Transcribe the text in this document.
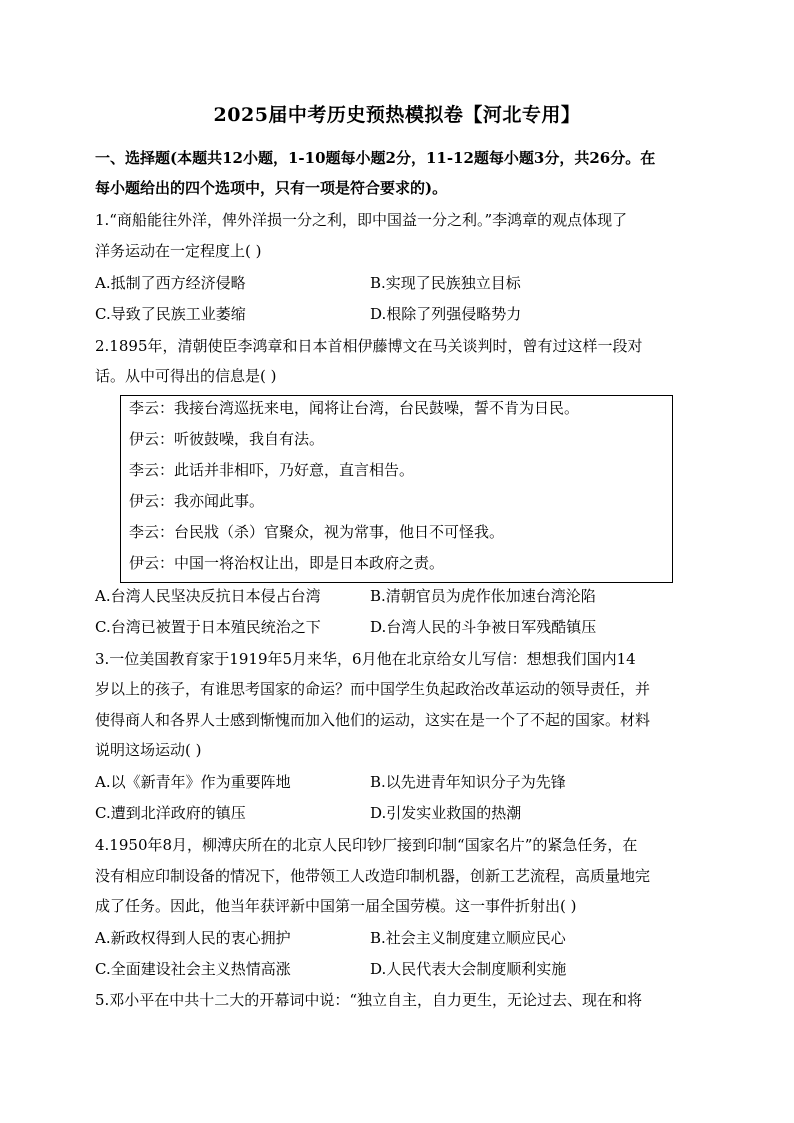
2025届中考历史预热模拟卷【河北专用】
一、选择题(本题共12小题，1-10题每小题2分，11-12题每小题3分，共26分。在
每小题给出的四个选项中，只有一项是符合要求的)。
1.“商船能往外洋，俾外洋损一分之利，即中国益一分之利。”李鸿章的观点体现了
洋务运动在一定程度上( )
A.抵制了西方经济侵略	B.实现了民族独立目标
C.导致了民族工业萎缩	D.根除了列强侵略势力
2.1895年，清朝使臣李鸿章和日本首相伊藤博文在马关谈判时，曾有过这样一段对
话。从中可得出的信息是( )
李云：我接台湾巡抚来电，闻将让台湾，台民鼓噪，誓不肯为日民。
伊云：听彼鼓噪，我自有法。
李云：此话并非相吓，乃好意，直言相告。
伊云：我亦闻此事。
李云：台民戕（杀）官聚众，视为常事，他日不可怪我。
伊云：中国一将治权让出，即是日本政府之责。
A.台湾人民坚决反抗日本侵占台湾	B.清朝官员为虎作伥加速台湾沦陷
C.台湾已被置于日本殖民统治之下	D.台湾人民的斗争被日军残酷镇压
3.一位美国教育家于1919年5月来华，6月他在北京给女儿写信：想想我们国内14
岁以上的孩子，有谁思考国家的命运？而中国学生负起政治改革运动的领导责任，并
使得商人和各界人士感到惭愧而加入他们的运动，这实在是一个了不起的国家。材料
说明这场运动( )
A.以《新青年》作为重要阵地	B.以先进青年知识分子为先锋
C.遭到北洋政府的镇压	D.引发实业救国的热潮
4.1950年8月，柳溥庆所在的北京人民印钞厂接到印制“国家名片”的紧急任务，在
没有相应印制设备的情况下，他带领工人改造印制机器，创新工艺流程，高质量地完
成了任务。因此，他当年获评新中国第一届全国劳模。这一事件折射出( )
A.新政权得到人民的衷心拥护	B.社会主义制度建立顺应民心
C.全面建设社会主义热情高涨	D.人民代表大会制度顺利实施
5.邓小平在中共十二大的开幕词中说：“独立自主，自力更生，无论过去、现在和将
